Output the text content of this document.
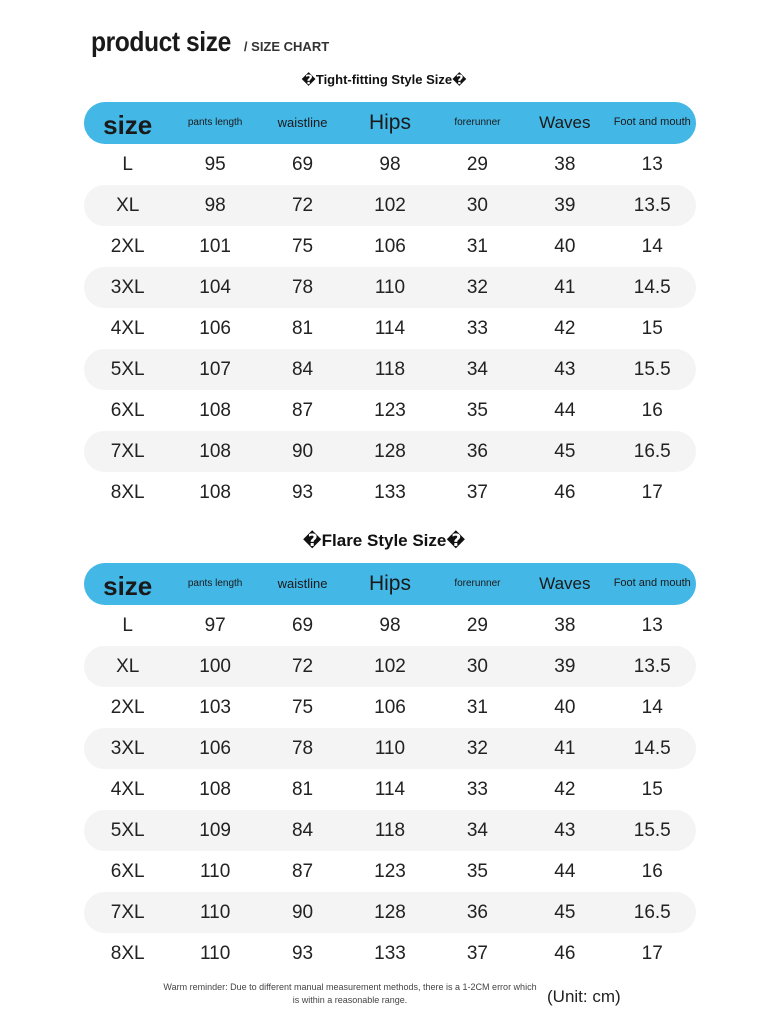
product size / SIZE CHART
�Tight-fitting Style Size�
size	pants length	waistline	Hips	forerunner	Waves	Foot and mouth
L	95	69	98	29	38	13
XL	98	72	102	30	39	13.5
2XL	101	75	106	31	40	14
3XL	104	78	110	32	41	14.5
4XL	106	81	114	33	42	15
5XL	107	84	118	34	43	15.5
6XL	108	87	123	35	44	16
7XL	108	90	128	36	45	16.5
8XL	108	93	133	37	46	17
�Flare Style Size�
size	pants length	waistline	Hips	forerunner	Waves	Foot and mouth
L	97	69	98	29	38	13
XL	100	72	102	30	39	13.5
2XL	103	75	106	31	40	14
3XL	106	78	110	32	41	14.5
4XL	108	81	114	33	42	15
5XL	109	84	118	34	43	15.5
6XL	110	87	123	35	44	16
7XL	110	90	128	36	45	16.5
8XL	110	93	133	37	46	17
Warm reminder: Due to different manual measurement methods, there is a 1-2CM error which is within a reasonable range.	(Unit: cm)
